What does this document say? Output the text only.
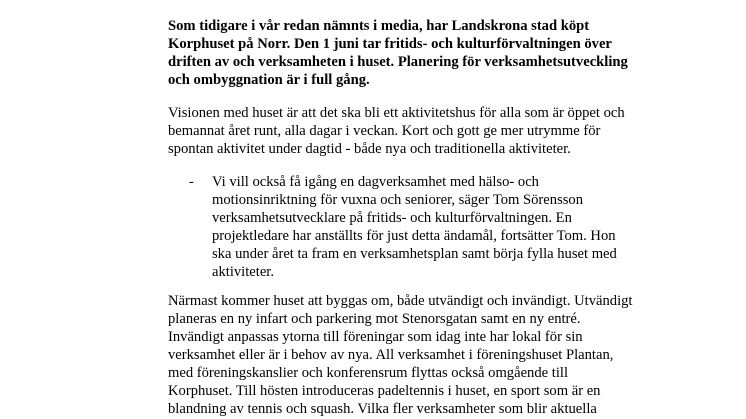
Som tidigare i vår redan nämnts i media, har Landskrona stad köpt
Korphuset på Norr. Den 1 juni tar fritids- och kulturförvaltningen över
driften av och verksamheten i huset. Planering för verksamhetsutveckling
och ombyggnation är i full gång.
Visionen med huset är att det ska bli ett aktivitetshus för alla som är öppet och
bemannat året runt, alla dagar i veckan. Kort och gott ge mer utrymme för
spontan aktivitet under dagtid - både nya och traditionella aktiviteter.
- Vi vill också få igång en dagverksamhet med hälso- och
motionsinriktning för vuxna och seniorer, säger Tom Sörensson
verksamhetsutvecklare på fritids- och kulturförvaltningen. En
projektledare har anställts för just detta ändamål, fortsätter Tom. Hon
ska under året ta fram en verksamhetsplan samt börja fylla huset med
aktiviteter.
Närmast kommer huset att byggas om, både utvändigt och invändigt. Utvändigt
planeras en ny infart och parkering mot Stenorsgatan samt en ny entré.
Invändigt anpassas ytorna till föreningar som idag inte har lokal för sin
verksamhet eller är i behov av nya. All verksamhet i föreningshuset Plantan,
med föreningskanslier och konferensrum flyttas också omgående till
Korphuset. Till hösten introduceras padeltennis i huset, en sport som är en
blandning av tennis och squash. Vilka fler verksamheter som blir aktuella
